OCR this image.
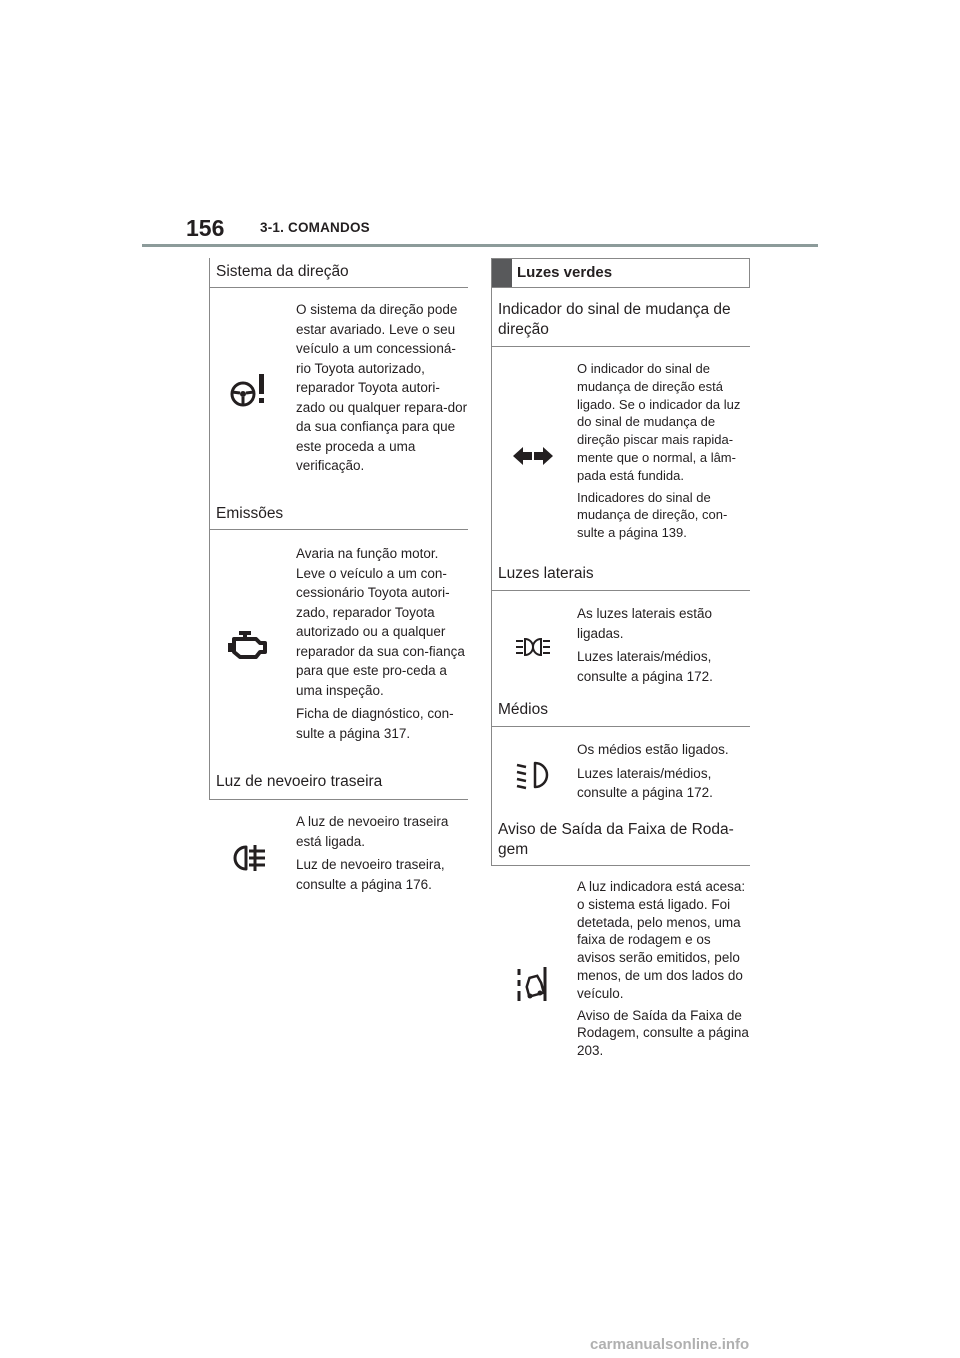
156	3-1. COMANDOS
Sistema da direção

O sistema da direção pode estar avariado. Leve o seu veículo a um concessioná-rio Toyota autorizado, reparador Toyota autori-zado ou qualquer repara-dor da sua confiança para que este proceda a uma verificação.

Emissões

Avaria na função motor. Leve o veículo a um con-cessionário Toyota autori-zado, reparador Toyota autorizado ou a qualquer reparador da sua con-fiança para que este pro-ceda a uma inspeção.

Ficha de diagnóstico, con-sulte a página 317.

Luz de nevoeiro traseira

A luz de nevoeiro traseira está ligada.

Luz de nevoeiro traseira, consulte a página 176.

Luzes verdes
Indicador do sinal de mudança de
direção

O indicador do sinal de mudança de direção está ligado. Se o indicador da luz do sinal de mudança de direção piscar mais rapida-mente que o normal, a lâm-pada está fundida.

Indicadores do sinal de mudança de direção, con-sulte a página 139.

Luzes laterais

As luzes laterais estão ligadas.

Luzes laterais/médios, consulte a página 172.

Médios

Os médios estão ligados.

Luzes laterais/médios, consulte a página 172.

Aviso de Saída da Faixa de Roda-
gem

A luz indicadora está acesa: o sistema está ligado. Foi detetada, pelo menos, uma faixa de rodagem e os avisos serão emitidos, pelo menos, de um dos lados do veículo.

Aviso de Saída da Faixa de Rodagem, consulte a página 203.

carmanualsonline.info
